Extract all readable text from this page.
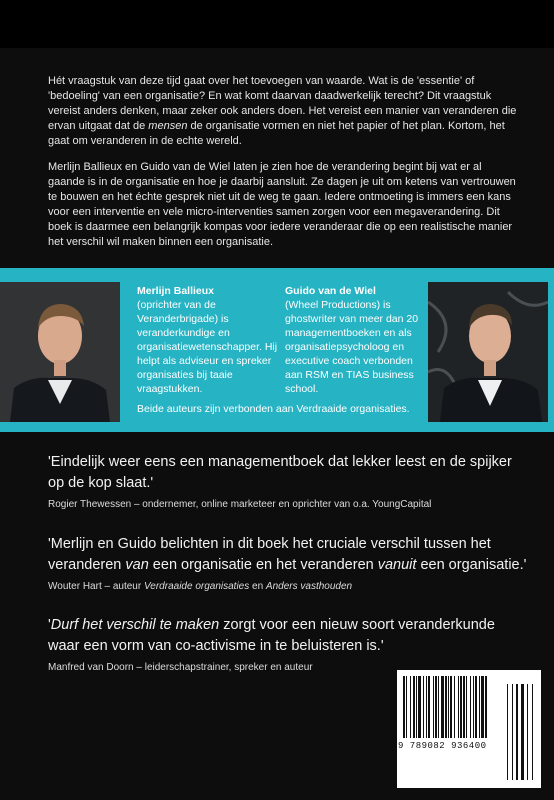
Hét vraagstuk van deze tijd gaat over het toevoegen van waarde. Wat is de 'essentie' of 'bedoeling' van een organisatie? En wat komt daarvan daadwerkelijk terecht? Dit vraagstuk vereist anders denken, maar zeker ook anders doen. Het vereist een manier van veranderen die ervan uitgaat dat de mensen de organisatie vormen en niet het papier of het plan. Kortom, het gaat om veranderen in de echte wereld.

Merlijn Ballieux en Guido van de Wiel laten je zien hoe de verandering begint bij wat er al gaande is in de organisatie en hoe je daarbij aansluit. Ze dagen je uit om ketens van vertrouwen te bouwen en het échte gesprek niet uit de weg te gaan. Iedere ontmoeting is immers een kans voor een interventie en vele micro-interventies samen zorgen voor een megaverandering. Dit boek is daarmee een belangrijk kompas voor iedere veranderaar die op een realistische manier het verschil wil maken binnen een organisatie.

Merlijn Ballieux
(oprichter van de Veranderbrigade) is veranderkundige en organisatiewetenschapper. Hij helpt als adviseur en spreker organisaties bij taaie vraagstukken.
Guido van de Wiel
(Wheel Productions) is ghostwriter van meer dan 20 managementboeken en als organisatiepsycholoog en executive coach verbonden aan RSM en TIAS business school.
Beide auteurs zijn verbonden aan Verdraaide organisaties.

'Eindelijk weer eens een managementboek dat lekker leest en de spijker op de kop slaat.'

Rogier Thewessen – ondernemer, online marketeer en oprichter van o.a. YoungCapital

'Merlijn en Guido belichten in dit boek het cruciale verschil tussen het veranderen van een organisatie en het veranderen vanuit een organisatie.'

Wouter Hart – auteur Verdraaide organisaties en Anders vasthouden

'Durf het verschil te maken zorgt voor een nieuw soort veranderkunde waar een vorm van co-activisme in te beluisteren is.'

Manfred van Doorn – leiderschapstrainer, spreker en auteur
9 789082 936400
